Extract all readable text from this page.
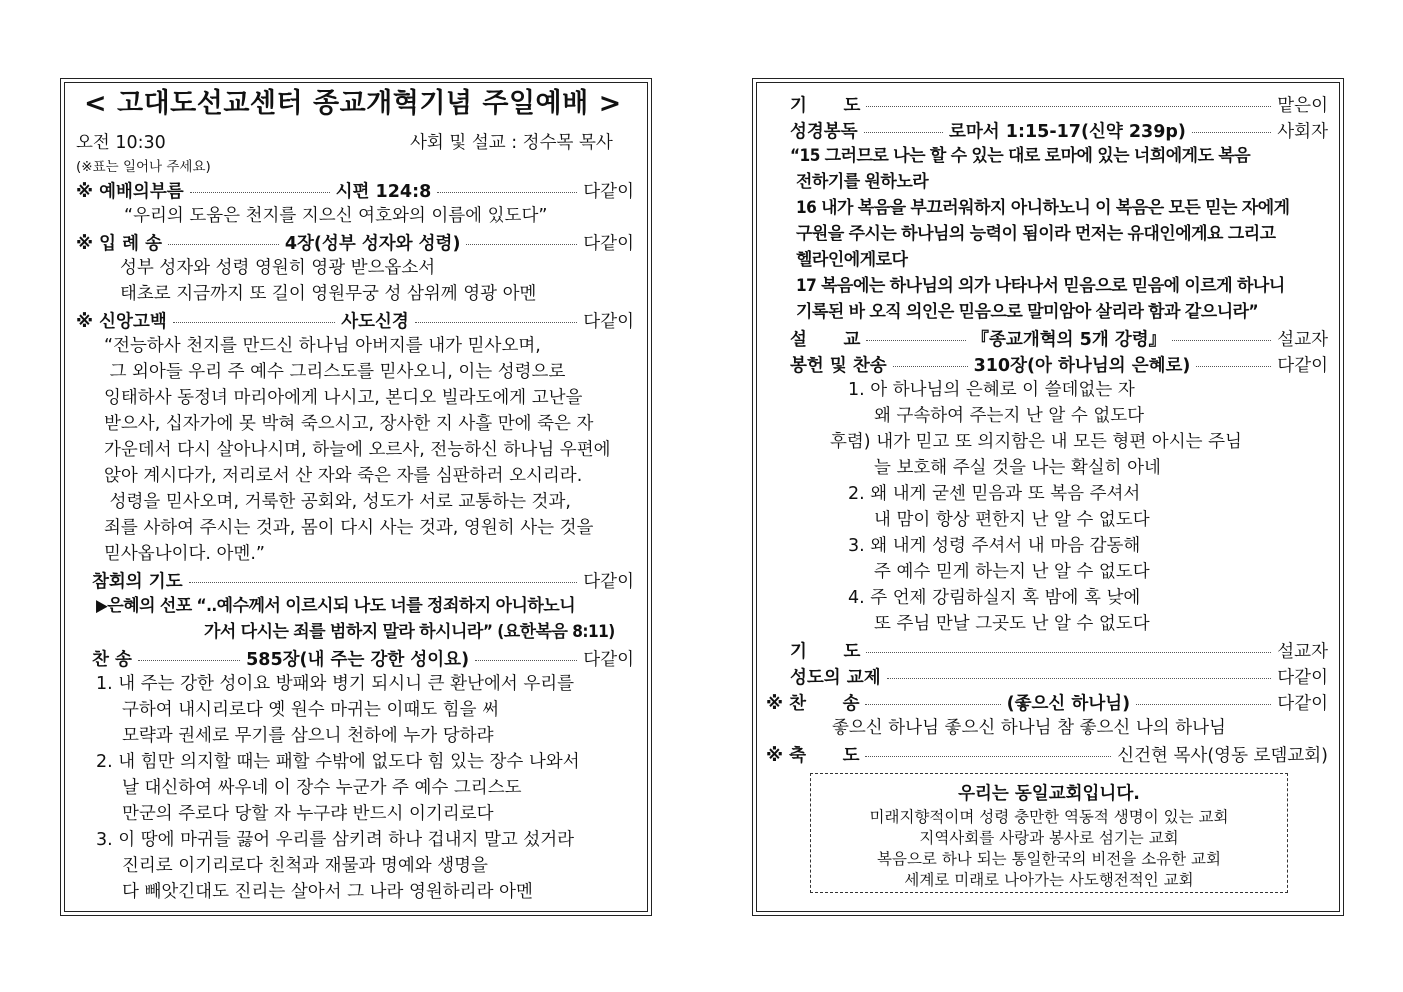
< 고대도선교센터 종교개혁기념 주일예배 >
오전 10:30	사회 및 설교 : 정수목 목사
(※표는 일어나 주세요)
※ 예배의부름	시편 124:8	다같이
“우리의 도움은 천지를 지으신 여호와의 이름에 있도다”
※ 입 례 송	4장(성부 성자와 성령)	다같이
성부 성자와 성령 영원히 영광 받으옵소서
태초로 지금까지 또 길이 영원무궁 성 삼위께 영광 아멘
※ 신앙고백	사도신경	다같이
“전능하사 천지를 만드신 하나님 아버지를 내가 믿사오며,
그 외아들 우리 주 예수 그리스도를 믿사오니, 이는 성령으로
잉태하사 동정녀 마리아에게 나시고, 본디오 빌라도에게 고난을
받으사, 십자가에 못 박혀 죽으시고, 장사한 지 사흘 만에 죽은 자
가운데서 다시 살아나시며, 하늘에 오르사, 전능하신 하나님 우편에
앉아 계시다가, 저리로서 산 자와 죽은 자를 심판하러 오시리라.
성령을 믿사오며, 거룩한 공회와, 성도가 서로 교통하는 것과,
죄를 사하여 주시는 것과, 몸이 다시 사는 것과, 영원히 사는 것을
믿사옵나이다. 아멘.”
참회의 기도	다같이
▶은혜의 선포 “..예수께서 이르시되 나도 너를 정죄하지 아니하노니
가서 다시는 죄를 범하지 말라 하시니라” (요한복음 8:11)
찬 송	585장(내 주는 강한 성이요)	다같이
1. 내 주는 강한 성이요 방패와 병기 되시니 큰 환난에서 우리를
구하여 내시리로다 옛 원수 마귀는 이때도 힘을 써
모략과 권세로 무기를 삼으니 천하에 누가 당하랴
2. 내 힘만 의지할 때는 패할 수밖에 없도다 힘 있는 장수 나와서
날 대신하여 싸우네 이 장수 누군가 주 예수 그리스도
만군의 주로다 당할 자 누구랴 반드시 이기리로다
3. 이 땅에 마귀들 끓어 우리를 삼키려 하나 겁내지 말고 섰거라
진리로 이기리로다 친척과 재물과 명예와 생명을
다 빼앗긴대도 진리는 살아서 그 나라 영원하리라 아멘
기      도	맡은이
성경봉독	로마서 1:15-17(신약 239p)	사회자
“15 그러므로 나는 할 수 있는 대로 로마에 있는 너희에게도 복음
전하기를 원하노라
16 내가 복음을 부끄러워하지 아니하노니 이 복음은 모든 믿는 자에게
구원을 주시는 하나님의 능력이 됨이라 먼저는 유대인에게요 그리고
헬라인에게로다
17 복음에는 하나님의 의가 나타나서 믿음으로 믿음에 이르게 하나니
기록된 바 오직 의인은 믿음으로 말미암아 살리라 함과 같으니라”
설      교	『종교개혁의 5개 강령』	설교자
봉헌 및 찬송	310장(아 하나님의 은혜로)	다같이
1. 아 하나님의 은혜로 이 쓸데없는 자
왜 구속하여 주는지 난 알 수 없도다
후렴) 내가 믿고 또 의지함은 내 모든 형편 아시는 주님
늘 보호해 주실 것을 나는 확실히 아네
2. 왜 내게 굳센 믿음과 또 복음 주셔서
내 맘이 항상 편한지 난 알 수 없도다
3. 왜 내게 성령 주셔서 내 마음 감동해
주 예수 믿게 하는지 난 알 수 없도다
4. 주 언제 강림하실지 혹 밤에 혹 낮에
또 주님 만날 그곳도 난 알 수 없도다
기      도	설교자
성도의 교제	다같이
※ 찬      송	(좋으신 하나님)	다같이
좋으신 하나님 좋으신 하나님 참 좋으신 나의 하나님
※ 축      도	신건현 목사(영동 로뎀교회)
우리는 동일교회입니다.
미래지향적이며 성령 충만한 역동적 생명이 있는 교회
지역사회를 사랑과 봉사로 섬기는 교회
복음으로 하나 되는 통일한국의 비전을 소유한 교회
세계로 미래로 나아가는 사도행전적인 교회
